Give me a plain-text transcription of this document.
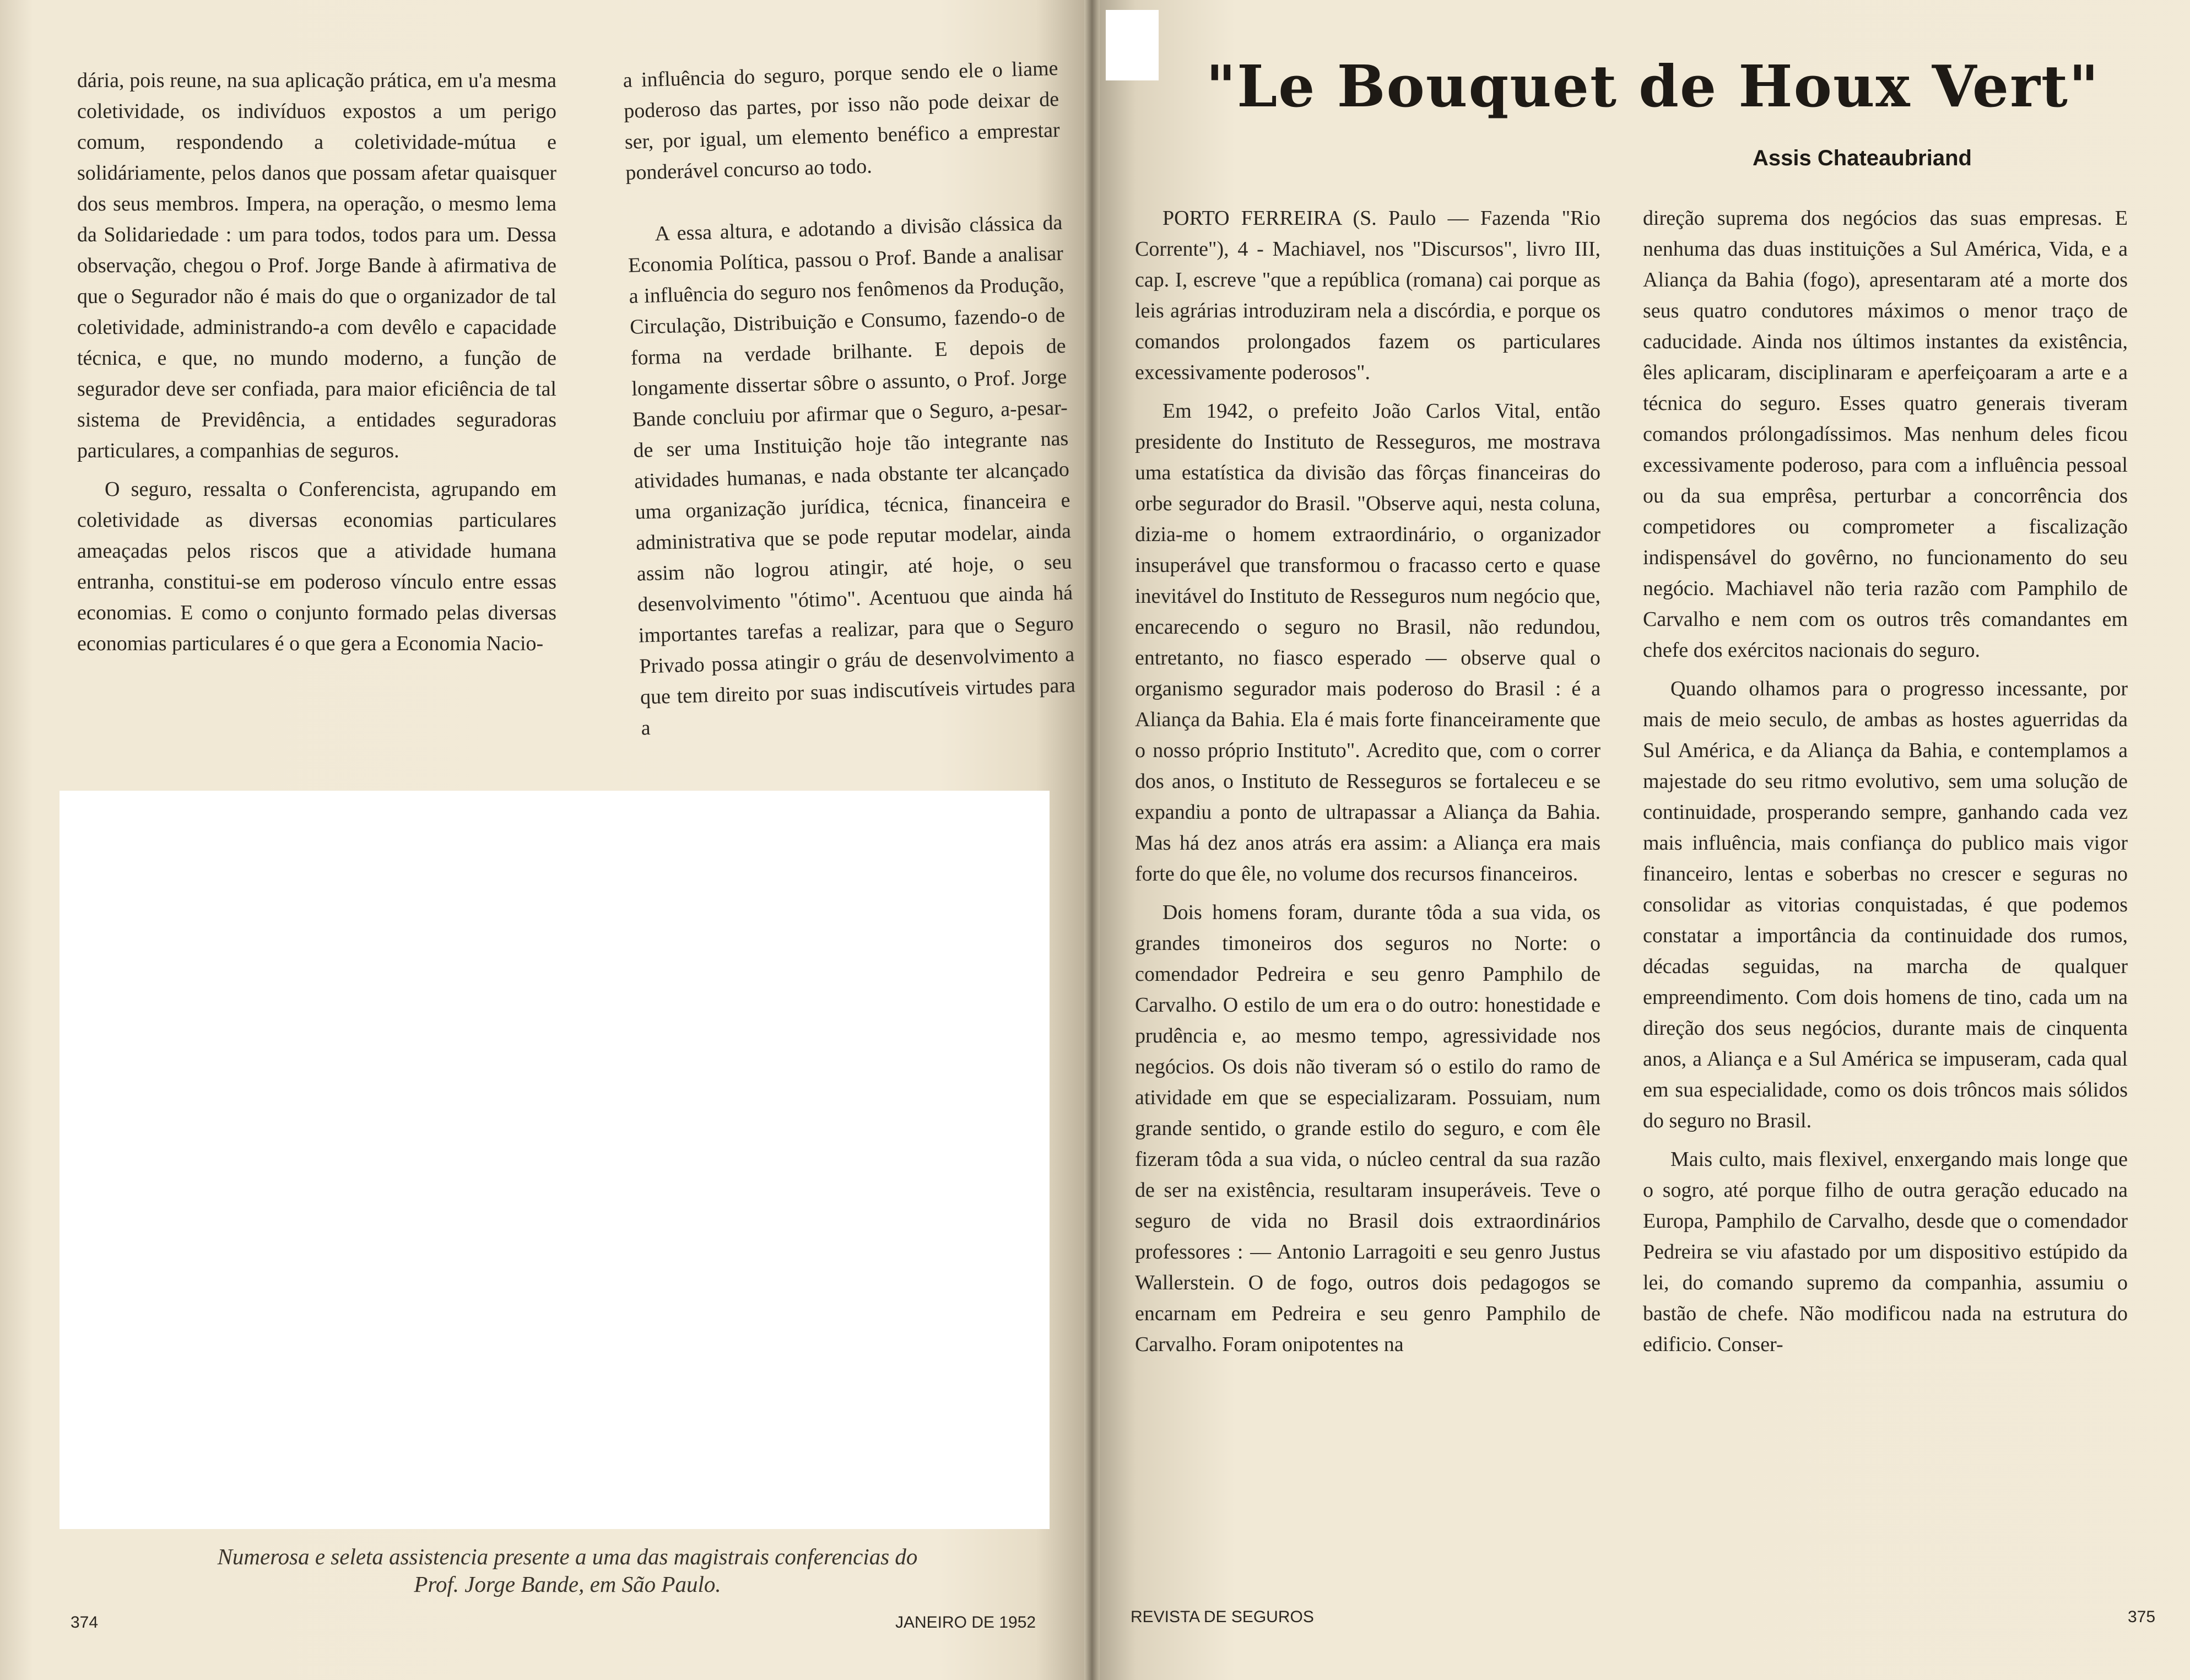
dária, pois reune, na sua aplicação prática, em u'a mesma coletividade, os indivíduos expostos a um perigo comum, respondendo a coletividade-mútua e solidáriamente, pelos danos que possam afetar quaisquer dos seus membros. Impera, na operação, o mesmo lema da Solidariedade : um para todos, todos para um. Dessa observação, chegou o Prof. Jorge Bande à afirmativa de que o Segurador não é mais do que o organizador de tal coletividade, administrando-a com devêlo e capacidade técnica, e que, no mundo moderno, a função de segurador deve ser confiada, para maior eficiência de tal sistema de Previdência, a entidades seguradoras particulares, a companhias de seguros.

O seguro, ressalta o Conferencista, agrupando em coletividade as diversas economias particulares ameaçadas pelos riscos que a atividade humana entranha, constitui-se em poderoso vínculo entre essas economias. E como o conjunto formado pelas diversas economias particulares é o que gera a Economia Nacio-

a influência do seguro, porque sendo ele o liame poderoso das partes, por isso não pode deixar de ser, por igual, um elemento benéfico a emprestar ponderável concurso ao todo.

A essa altura, e adotando a divisão clássica da Economia Política, passou o Prof. Bande a analisar a influência do seguro nos fenômenos da Produção, Circulação, Distribuição e Consumo, fazendo-o de forma na verdade brilhante. E depois de longamente dissertar sôbre o assunto, o Prof. Jorge Bande concluiu por afirmar que o Seguro, a-pesar-de ser uma Instituição hoje tão integrante nas atividades humanas, e nada obstante ter alcançado uma organização jurídica, técnica, financeira e administrativa que se pode reputar modelar, ainda assim não logrou atingir, até hoje, o seu desenvolvimento "ótimo". Acentuou que ainda há importantes tarefas a realizar, para que o Seguro Privado possa atingir o gráu de desenvolvimento a que tem direito por suas indiscutíveis virtudes para a

Numerosa e seleta assistencia presente a uma das magistrais conferencias do
Prof. Jorge Bande, em São Paulo.
374	JANEIRO DE 1952
"Le Bouquet de Houx Vert"
Assis Chateaubriand

PORTO FERREIRA (S. Paulo — Fazenda "Rio Corrente"), 4 - Machiavel, nos "Discursos", livro III, cap. I, escreve "que a república (romana) cai porque as leis agrárias introduziram nela a discórdia, e porque os comandos prolongados fazem os particulares excessivamente poderosos".

Em 1942, o prefeito João Carlos Vital, então presidente do Instituto de Resseguros, me mostrava uma estatística da divisão das fôrças financeiras do orbe segurador do Brasil. "Observe aqui, nesta coluna, dizia-me o homem extraordinário, o organizador insuperável que transformou o fracasso certo e quase inevitável do Instituto de Resseguros num negócio que, encarecendo o seguro no Brasil, não redundou, entretanto, no fiasco esperado — observe qual o organismo segurador mais poderoso do Brasil : é a Aliança da Bahia. Ela é mais forte financeiramente que o nosso próprio Instituto". Acredito que, com o correr dos anos, o Instituto de Resseguros se fortaleceu e se expandiu a ponto de ultrapassar a Aliança da Bahia. Mas há dez anos atrás era assim: a Aliança era mais forte do que êle, no volume dos recursos financeiros.

Dois homens foram, durante tôda a sua vida, os grandes timoneiros dos seguros no Norte: o comendador Pedreira e seu genro Pamphilo de Carvalho. O estilo de um era o do outro: honestidade e prudência e, ao mesmo tempo, agressividade nos negócios. Os dois não tiveram só o estilo do ramo de atividade em que se especializaram. Possuiam, num grande sentido, o grande estilo do seguro, e com êle fizeram tôda a sua vida, o núcleo central da sua razão de ser na existência, resultaram insuperáveis. Teve o seguro de vida no Brasil dois extraordinários professores : — Antonio Larragoiti e seu genro Justus Wallerstein. O de fogo, outros dois pedagogos se encarnam em Pedreira e seu genro Pamphilo de Carvalho. Foram onipotentes na

direção suprema dos negócios das suas empresas. E nenhuma das duas instituições a Sul América, Vida, e a Aliança da Bahia (fogo), apresentaram até a morte dos seus quatro condutores máximos o menor traço de caducidade. Ainda nos últimos instantes da existência, êles aplicaram, disciplinaram e aperfeiçoaram a arte e a técnica do seguro. Esses quatro generais tiveram comandos prólongadíssimos. Mas nenhum deles ficou excessivamente poderoso, para com a influência pessoal ou da sua emprêsa, perturbar a concorrência dos competidores ou comprometer a fiscalização indispensável do govêrno, no funcionamento do seu negócio. Machiavel não teria razão com Pamphilo de Carvalho e nem com os outros três comandantes em chefe dos exércitos nacionais do seguro.

Quando olhamos para o progresso incessante, por mais de meio seculo, de ambas as hostes aguerridas da Sul América, e da Aliança da Bahia, e contemplamos a majestade do seu ritmo evolutivo, sem uma solução de continuidade, prosperando sempre, ganhando cada vez mais influência, mais confiança do publico mais vigor financeiro, lentas e soberbas no crescer e seguras no consolidar as vitorias conquistadas, é que podemos constatar a importância da continuidade dos rumos, décadas seguidas, na marcha de qualquer empreendimento. Com dois homens de tino, cada um na direção dos seus negócios, durante mais de cinquenta anos, a Aliança e a Sul América se impuseram, cada qual em sua especialidade, como os dois trôncos mais sólidos do seguro no Brasil.

Mais culto, mais flexivel, enxergando mais longe que o sogro, até porque filho de outra geração educado na Europa, Pamphilo de Carvalho, desde que o comendador Pedreira se viu afastado por um dispositivo estúpido da lei, do comando supremo da companhia, assumiu o bastão de chefe. Não modificou nada na estrutura do edificio. Conser-

REVISTA DE SEGUROS	375
